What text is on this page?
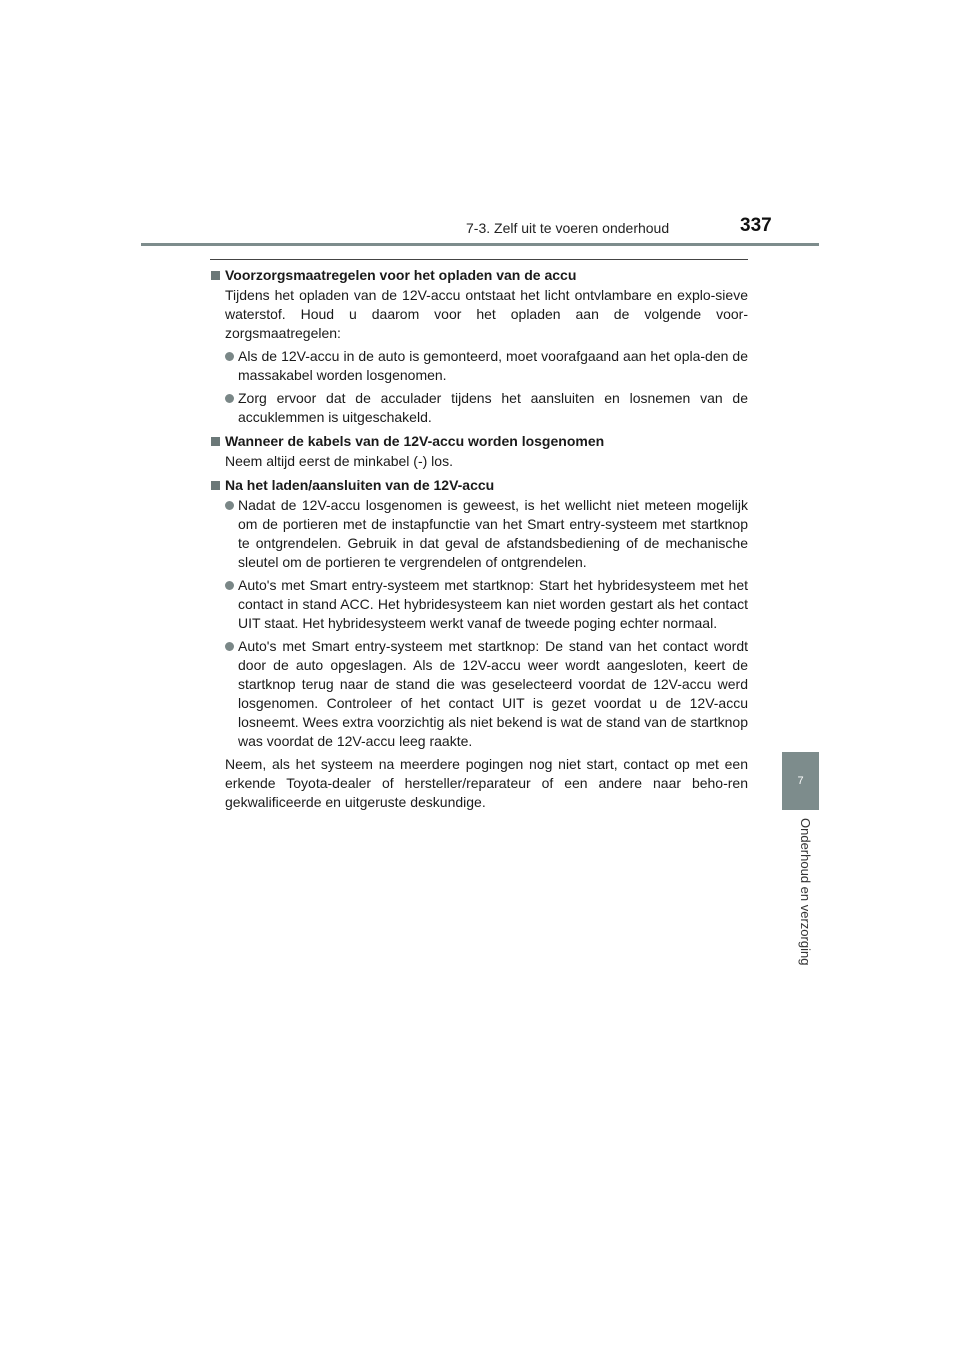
7-3. Zelf uit te voeren onderhoud	337
7
Onderhoud en verzorging
Voorzorgsmaatregelen voor het opladen van de accu

Tijdens het opladen van de 12V-accu ontstaat het licht ontvlambare en explo-sieve waterstof. Houd u daarom voor het opladen aan de volgende voor-zorgsmaatregelen:

Als de 12V-accu in de auto is gemonteerd, moet voorafgaand aan het opla-den de massakabel worden losgenomen.
Zorg ervoor dat de acculader tijdens het aansluiten en losnemen van de accuklemmen is uitgeschakeld.
Wanneer de kabels van de 12V-accu worden losgenomen

Neem altijd eerst de minkabel (-) los.

Na het laden/aansluiten van de 12V-accu
Nadat de 12V-accu losgenomen is geweest, is het wellicht niet meteen mogelijk om de portieren met de instapfunctie van het Smart entry-systeem met startknop te ontgrendelen. Gebruik in dat geval de afstandsbediening of de mechanische sleutel om de portieren te vergrendelen of ontgrendelen.
Auto's met Smart entry-systeem met startknop: Start het hybridesysteem met het contact in stand ACC. Het hybridesysteem kan niet worden gestart als het contact UIT staat. Het hybridesysteem werkt vanaf de tweede poging echter normaal.
Auto's met Smart entry-systeem met startknop: De stand van het contact wordt door de auto opgeslagen. Als de 12V-accu weer wordt aangesloten, keert de startknop terug naar de stand die was geselecteerd voordat de 12V-accu werd losgenomen. Controleer of het contact UIT is gezet voordat u de 12V-accu losneemt. Wees extra voorzichtig als niet bekend is wat de stand van de startknop was voordat de 12V-accu leeg raakte.

Neem, als het systeem na meerdere pogingen nog niet start, contact op met een erkende Toyota-dealer of hersteller/reparateur of een andere naar beho-ren gekwalificeerde en uitgeruste deskundige.
